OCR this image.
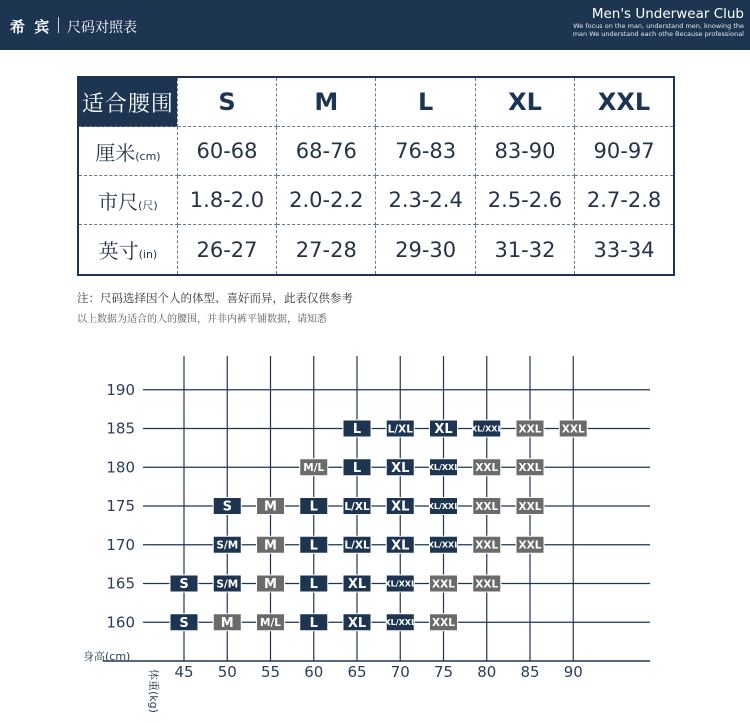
希 宾 尺码对照表
Men's Underwear Club
We focus on the man, understand men, knowing the man We understand each othe Because professional
适合腰围	S	M	L	XL	XXL
厘米(cm)	60-68	68-76	76-83	83-90	90-97
市尺(尺)	1.8-2.0	2.0-2.2	2.3-2.4	2.5-2.6	2.7-2.8
英寸(in)	26-27	27-28	29-30	31-32	33-34
注：尺码选择因个人的体型、喜好而异，此表仅供参考
以上数据为适合的人的腰围，并非内裤平铺数据，请知悉
190
185
180
175
170
165
160
45 50 55 60 65 70 75 80 85 90
身高(cm)
体重(kg)
L	L/XL XL XL/XXL XXL XXL
M/L L XL XL/XXL XXL XXL
S M	L	L/XL XL XL/XXL XXL XXL
S/M M	L	L/XL XL XL/XXL XXL XXL
S	S/M M	L XL XL/XXL XXL XXL
S M	M/L L XL XL/XXL XXL
